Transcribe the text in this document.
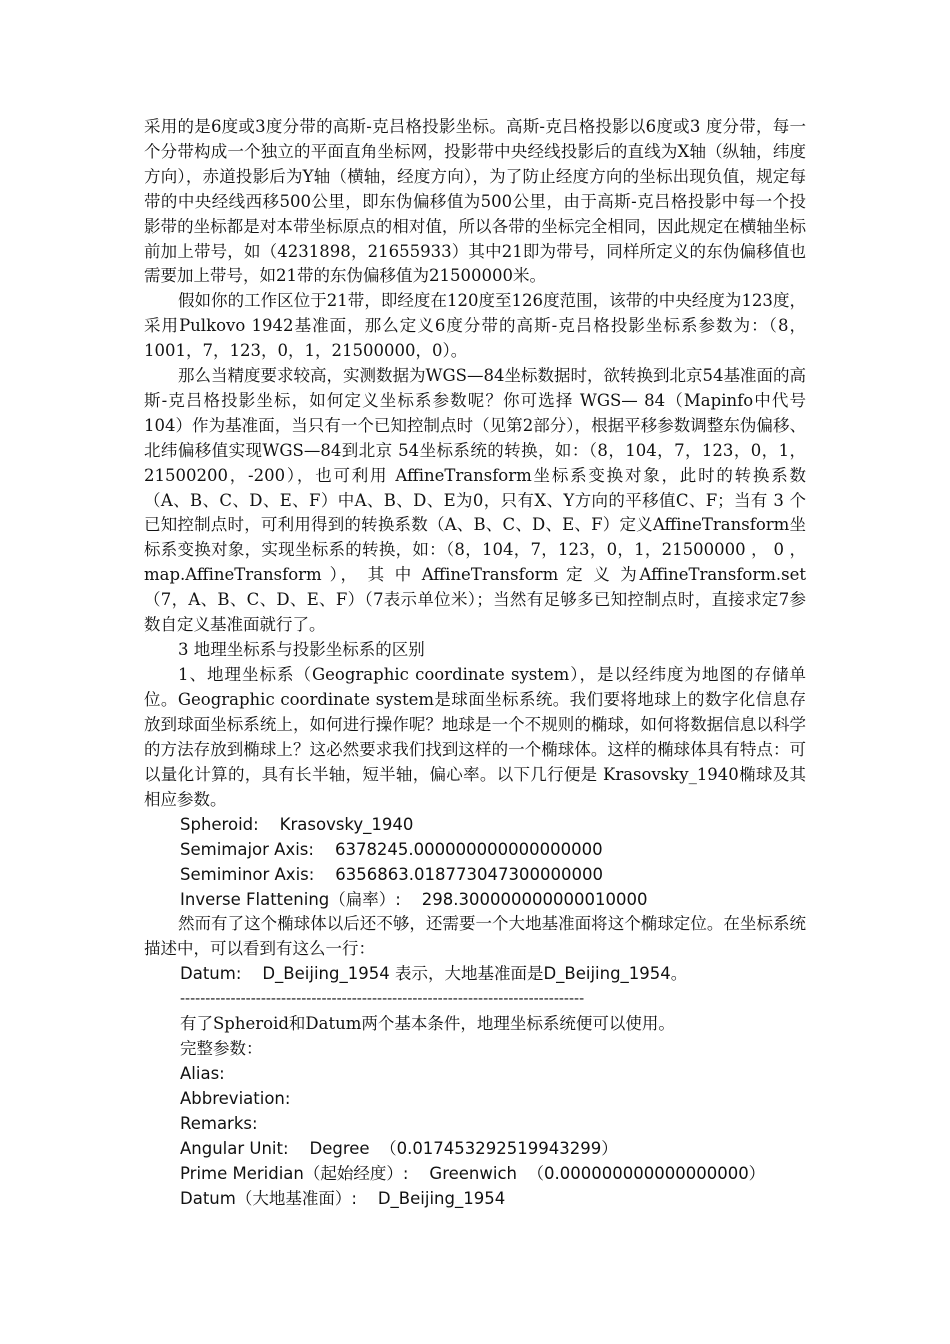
采用的是6度或3度分带的高斯-克吕格投影坐标。高斯-克吕格投影以6度或3 度分带，每一个分带构成一个独立的平面直角坐标网，投影带中央经线投影后的直线为X轴（纵轴，纬度方向），赤道投影后为Y轴（横轴，经度方向），为了防止经度方向的坐标出现负值，规定每带的中央经线西移500公里，即东伪偏移值为500公里，由于高斯-克吕格投影中每一个投影带的坐标都是对本带坐标原点的相对值，所以各带的坐标完全相同，因此规定在横轴坐标前加上带号，如（4231898，21655933）其中21即为带号，同样所定义的东伪偏移值也需要加上带号，如21带的东伪偏移值为21500000米。

假如你的工作区位于21带，即经度在120度至126度范围，该带的中央经度为123度，采用Pulkovo 1942基准面，那么定义6度分带的高斯-克吕格投影坐标系参数为：（8，1001，7，123，0，1，21500000，0）。

那么当精度要求较高，实测数据为WGS—84坐标数据时，欲转换到北京54基准面的高斯-克吕格投影坐标，如何定义坐标系参数呢？你可选择 WGS— 84（Mapinfo中代号104）作为基准面，当只有一个已知控制点时（见第2部分），根据平移参数调整东伪偏移、北纬偏移值实现WGS—84到北京 54坐标系统的转换，如：（8，104，7，123，0，1，21500200，-200），也可利用 AffineTransform坐标系变换对象，此时的转换系数（A、B、C、D、E、F）中A、B、D、E为0，只有X、Y方向的平移值C、F；当有 3 个已知控制点时，可利用得到的转换系数（A、B、C、D、E、F）定义AffineTransform坐标系变换对象，实现坐标系的转换，如：（8，104，7，123，0，1，21500000 ， 0 ， map.AffineTransform ）， 其 中 AffineTransform 定 义 为AffineTransform.set（7，A、B、C、D、E、F）（7表示单位米）；当然有足够多已知控制点时，直接求定7参数自定义基准面就行了。

3 地理坐标系与投影坐标系的区别

1、地理坐标系（Geographic coordinate system），是以经纬度为地图的存储单位。Geographic coordinate system是球面坐标系统。我们要将地球上的数字化信息存放到球面坐标系统上，如何进行操作呢？地球是一个不规则的椭球，如何将数据信息以科学的方法存放到椭球上？这必然要求我们找到这样的一个椭球体。这样的椭球体具有特点：可以量化计算的，具有长半轴，短半轴，偏心率。以下几行便是 Krasovsky_1940椭球及其相应参数。

Spheroid:    Krasovsky_1940

Semimajor Axis:    6378245.000000000000000000

Semiminor Axis:    6356863.018773047300000000

Inverse Flattening（扁率）:    298.300000000000010000

然而有了这个椭球体以后还不够，还需要一个大地基准面将这个椭球定位。在坐标系统描述中，可以看到有这么一行：

Datum:    D_Beijing_1954 表示，大地基准面是D_Beijing_1954。

--------------------------------------------------------------------------------

有了Spheroid和Datum两个基本条件，地理坐标系统便可以使用。

完整参数：

Alias:

Abbreviation:

Remarks:

Angular Unit:    Degree  （0.017453292519943299）

Prime Meridian（起始经度）:    Greenwich  （0.000000000000000000）

Datum（大地基准面）:    D_Beijing_1954
